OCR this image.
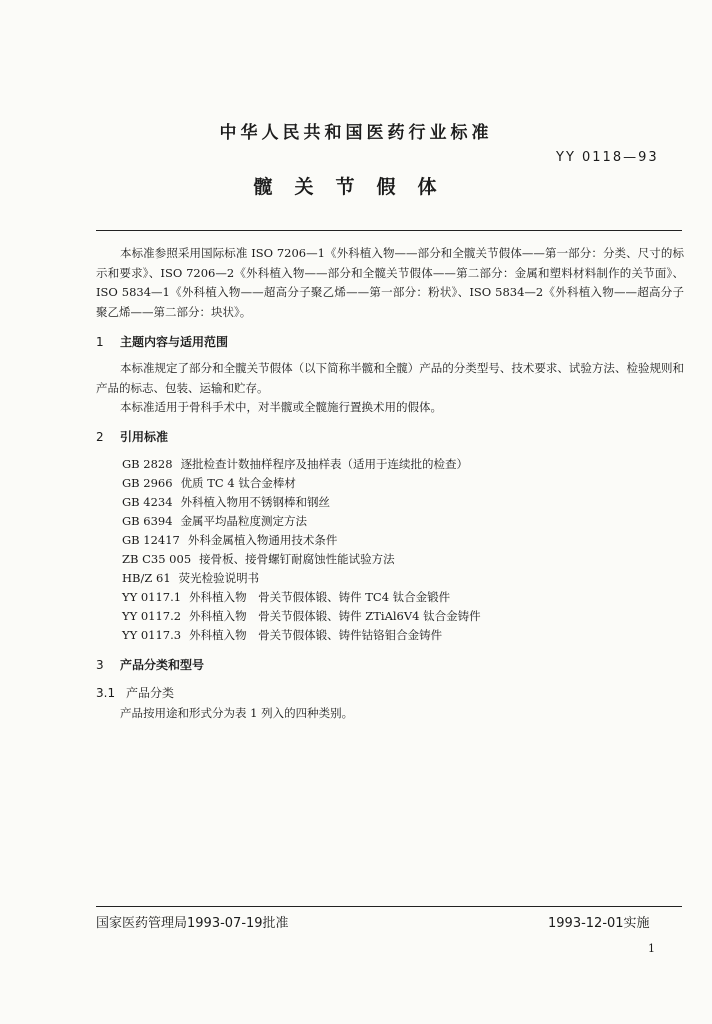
中华人民共和国医药行业标准
YY 0118—93
髋关节假体
本标准参照采用国际标准 ISO 7206—1《外科植入物——部分和全髋关节假体——第一部分：分类、尺寸的标示和要求》、ISO 7206—2《外科植入物——部分和全髋关节假体——第二部分：金属和塑料材料制作的关节面》、ISO 5834—1《外科植入物——超高分子聚乙烯——第一部分：粉状》、ISO 5834—2《外科植入物——超高分子聚乙烯——第二部分：块状》。
1 主题内容与适用范围
本标准规定了部分和全髋关节假体（以下简称半髋和全髋）产品的分类型号、技术要求、试验方法、检验规则和产品的标志、包装、运输和贮存。
本标准适用于骨科手术中，对半髋或全髋施行置换术用的假体。
2 引用标准
GB 2828 逐批检查计数抽样程序及抽样表（适用于连续批的检查）
GB 2966 优质 TC 4 钛合金棒材
GB 4234 外科植入物用不锈钢棒和钢丝
GB 6394 金属平均晶粒度测定方法
GB 12417 外科金属植入物通用技术条件
ZB C35 005 接骨板、接骨螺钉耐腐蚀性能试验方法
HB/Z 61 荧光检验说明书
YY 0117.1 外科植入物　骨关节假体锻、铸件 TC4 钛合金锻件
YY 0117.2 外科植入物　骨关节假体锻、铸件 ZTiAl6V4 钛合金铸件
YY 0117.3 外科植入物　骨关节假体锻、铸件钴铬钼合金铸件
3 产品分类和型号
3.1 产品分类
产品按用途和形式分为表 1 列入的四种类别。
国家医药管理局1993-07-19批准	1993-12-01实施
1
